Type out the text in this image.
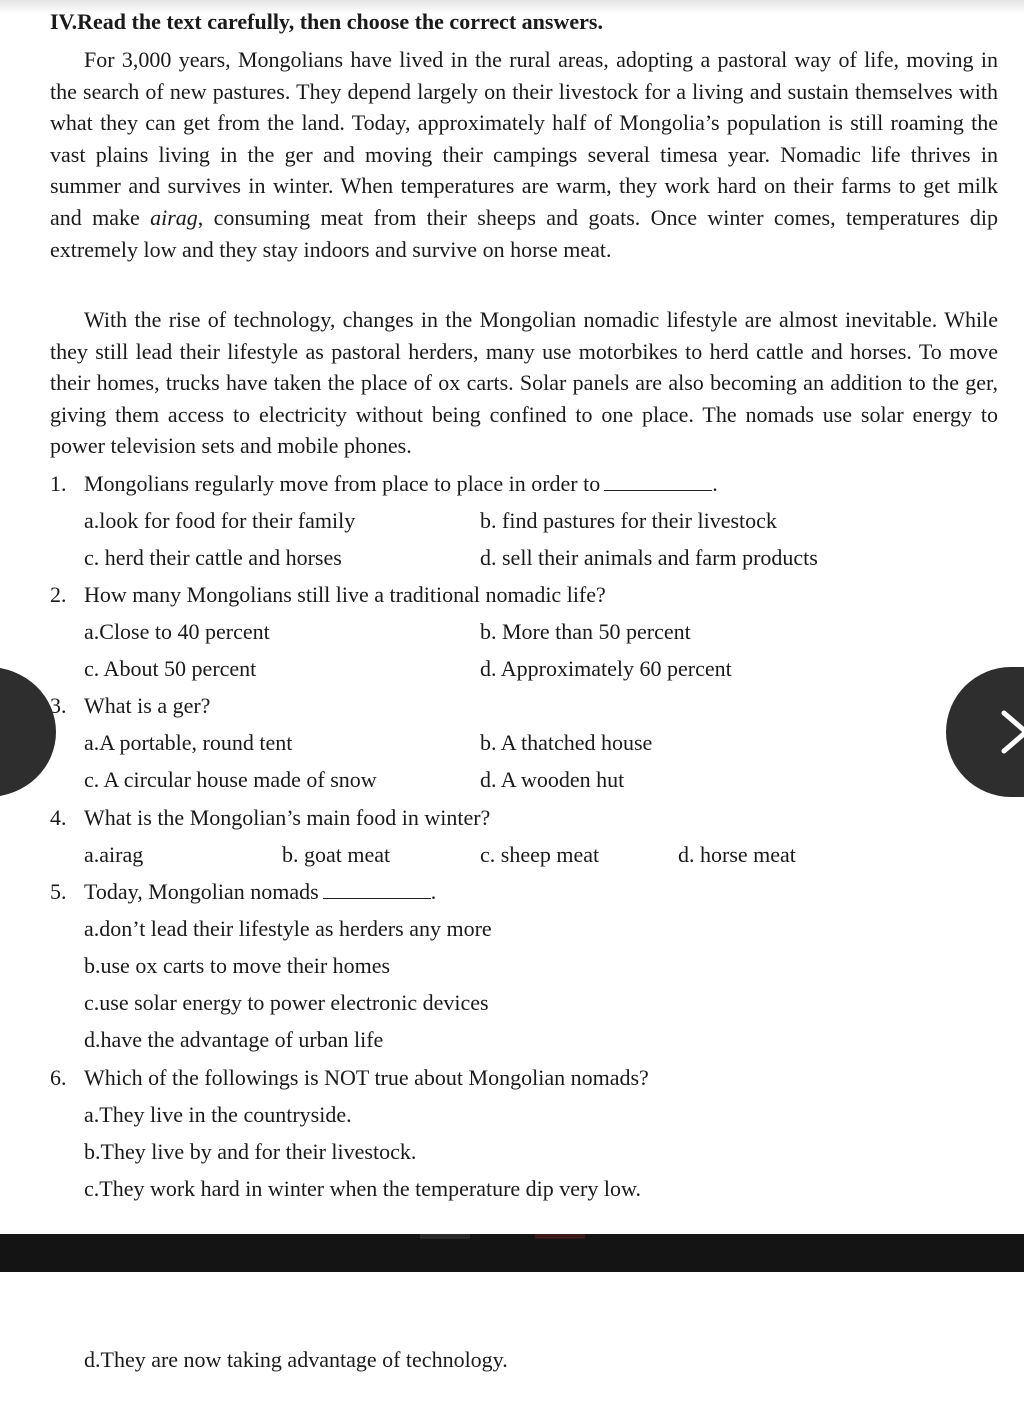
IV.Read the text carefully, then choose the correct answers.

For 3,000 years, Mongolians have lived in the rural areas, adopting a pastoral way of life, moving in the search of new pastures. They depend largely on their livestock for a living and sustain themselves with what they can get from the land. Today, approximately half of Mongolia’s population is still roaming the vast plains living in the ger and moving their campings several timesa year. Nomadic life thrives in summer and survives in winter. When temperatures are warm, they work hard on their farms to get milk and make airag, consuming meat from their sheeps and goats. Once winter comes, temperatures dip extremely low and they stay indoors and survive on horse meat.

With the rise of technology, changes in the Mongolian nomadic lifestyle are almost inevitable. While they still lead their lifestyle as pastoral herders, many use motorbikes to herd cattle and horses. To move their homes, trucks have taken the place of ox carts. Solar panels are also becoming an addition to the ger, giving them access to electricity without being confined to one place. The nomads use solar energy to power television sets and mobile phones.

1. Mongolians regularly move from place to place in order to	.
a.look for food for their family	b. find pastures for their livestock
c. herd their cattle and horses	d. sell their animals and farm products
2. How many Mongolians still live a traditional nomadic life?
a.Close to 40 percent	b. More than 50 percent
c. About 50 percent	d. Approximately 60 percent
3. What is a ger?
a.A portable, round tent	b. A thatched house
c. A circular house made of snow	d. A wooden hut
4. What is the Mongolian’s main food in winter?
a.airag	b. goat meat	c. sheep meat	d. horse meat
5. Today, Mongolian nomads	.
a.don’t lead their lifestyle as herders any more
b.use ox carts to move their homes
c.use solar energy to power electronic devices
d.have the advantage of urban life
6. Which of the followings is NOT true about Mongolian nomads?
a.They live in the countryside.
b.They live by and for their livestock.
c.They work hard in winter when the temperature dip very low.
d.They are now taking advantage of technology.
